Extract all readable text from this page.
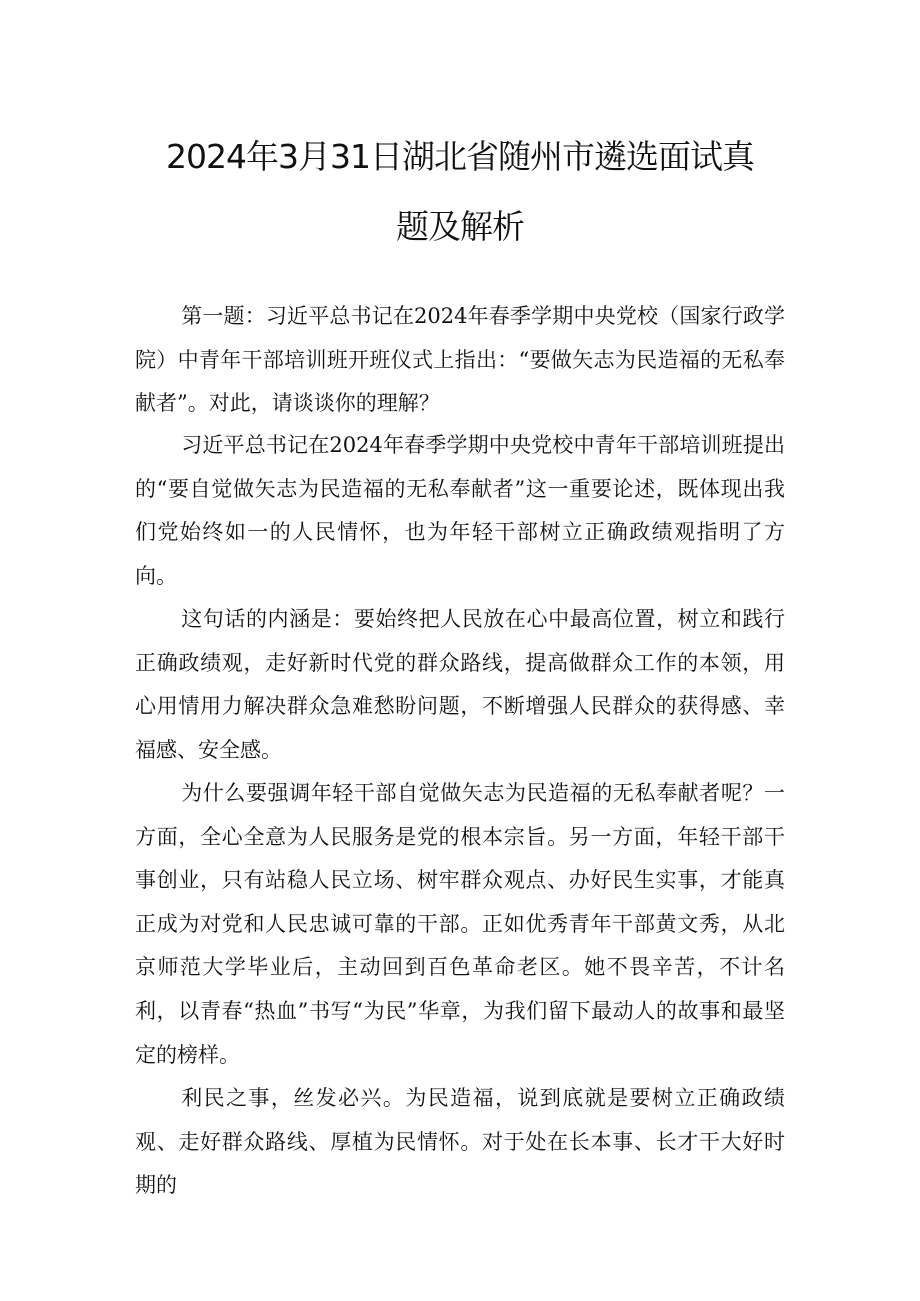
2024年3月31日湖北省随州市遴选面试真
题及解析

第一题：习近平总书记在2024年春季学期中央党校（国家行政学院）中青年干部培训班开班仪式上指出：“要做矢志为民造福的无私奉献者”。对此，请谈谈你的理解？

习近平总书记在2024年春季学期中央党校中青年干部培训班提出的“要自觉做矢志为民造福的无私奉献者”这一重要论述，既体现出我们党始终如一的人民情怀，也为年轻干部树立正确政绩观指明了方向。

这句话的内涵是：要始终把人民放在心中最高位置，树立和践行正确政绩观，走好新时代党的群众路线，提高做群众工作的本领，用心用情用力解决群众急难愁盼问题，不断增强人民群众的获得感、幸福感、安全感。

为什么要强调年轻干部自觉做矢志为民造福的无私奉献者呢？一方面，全心全意为人民服务是党的根本宗旨。另一方面，年轻干部干事创业，只有站稳人民立场、树牢群众观点、办好民生实事，才能真正成为对党和人民忠诚可靠的干部。正如优秀青年干部黄文秀，从北京师范大学毕业后，主动回到百色革命老区。她不畏辛苦，不计名利，以青春“热血”书写“为民”华章，为我们留下最动人的故事和最坚定的榜样。

利民之事，丝发必兴。为民造福，说到底就是要树立正确政绩观、走好群众路线、厚植为民情怀。对于处在长本事、长才干大好时期的
